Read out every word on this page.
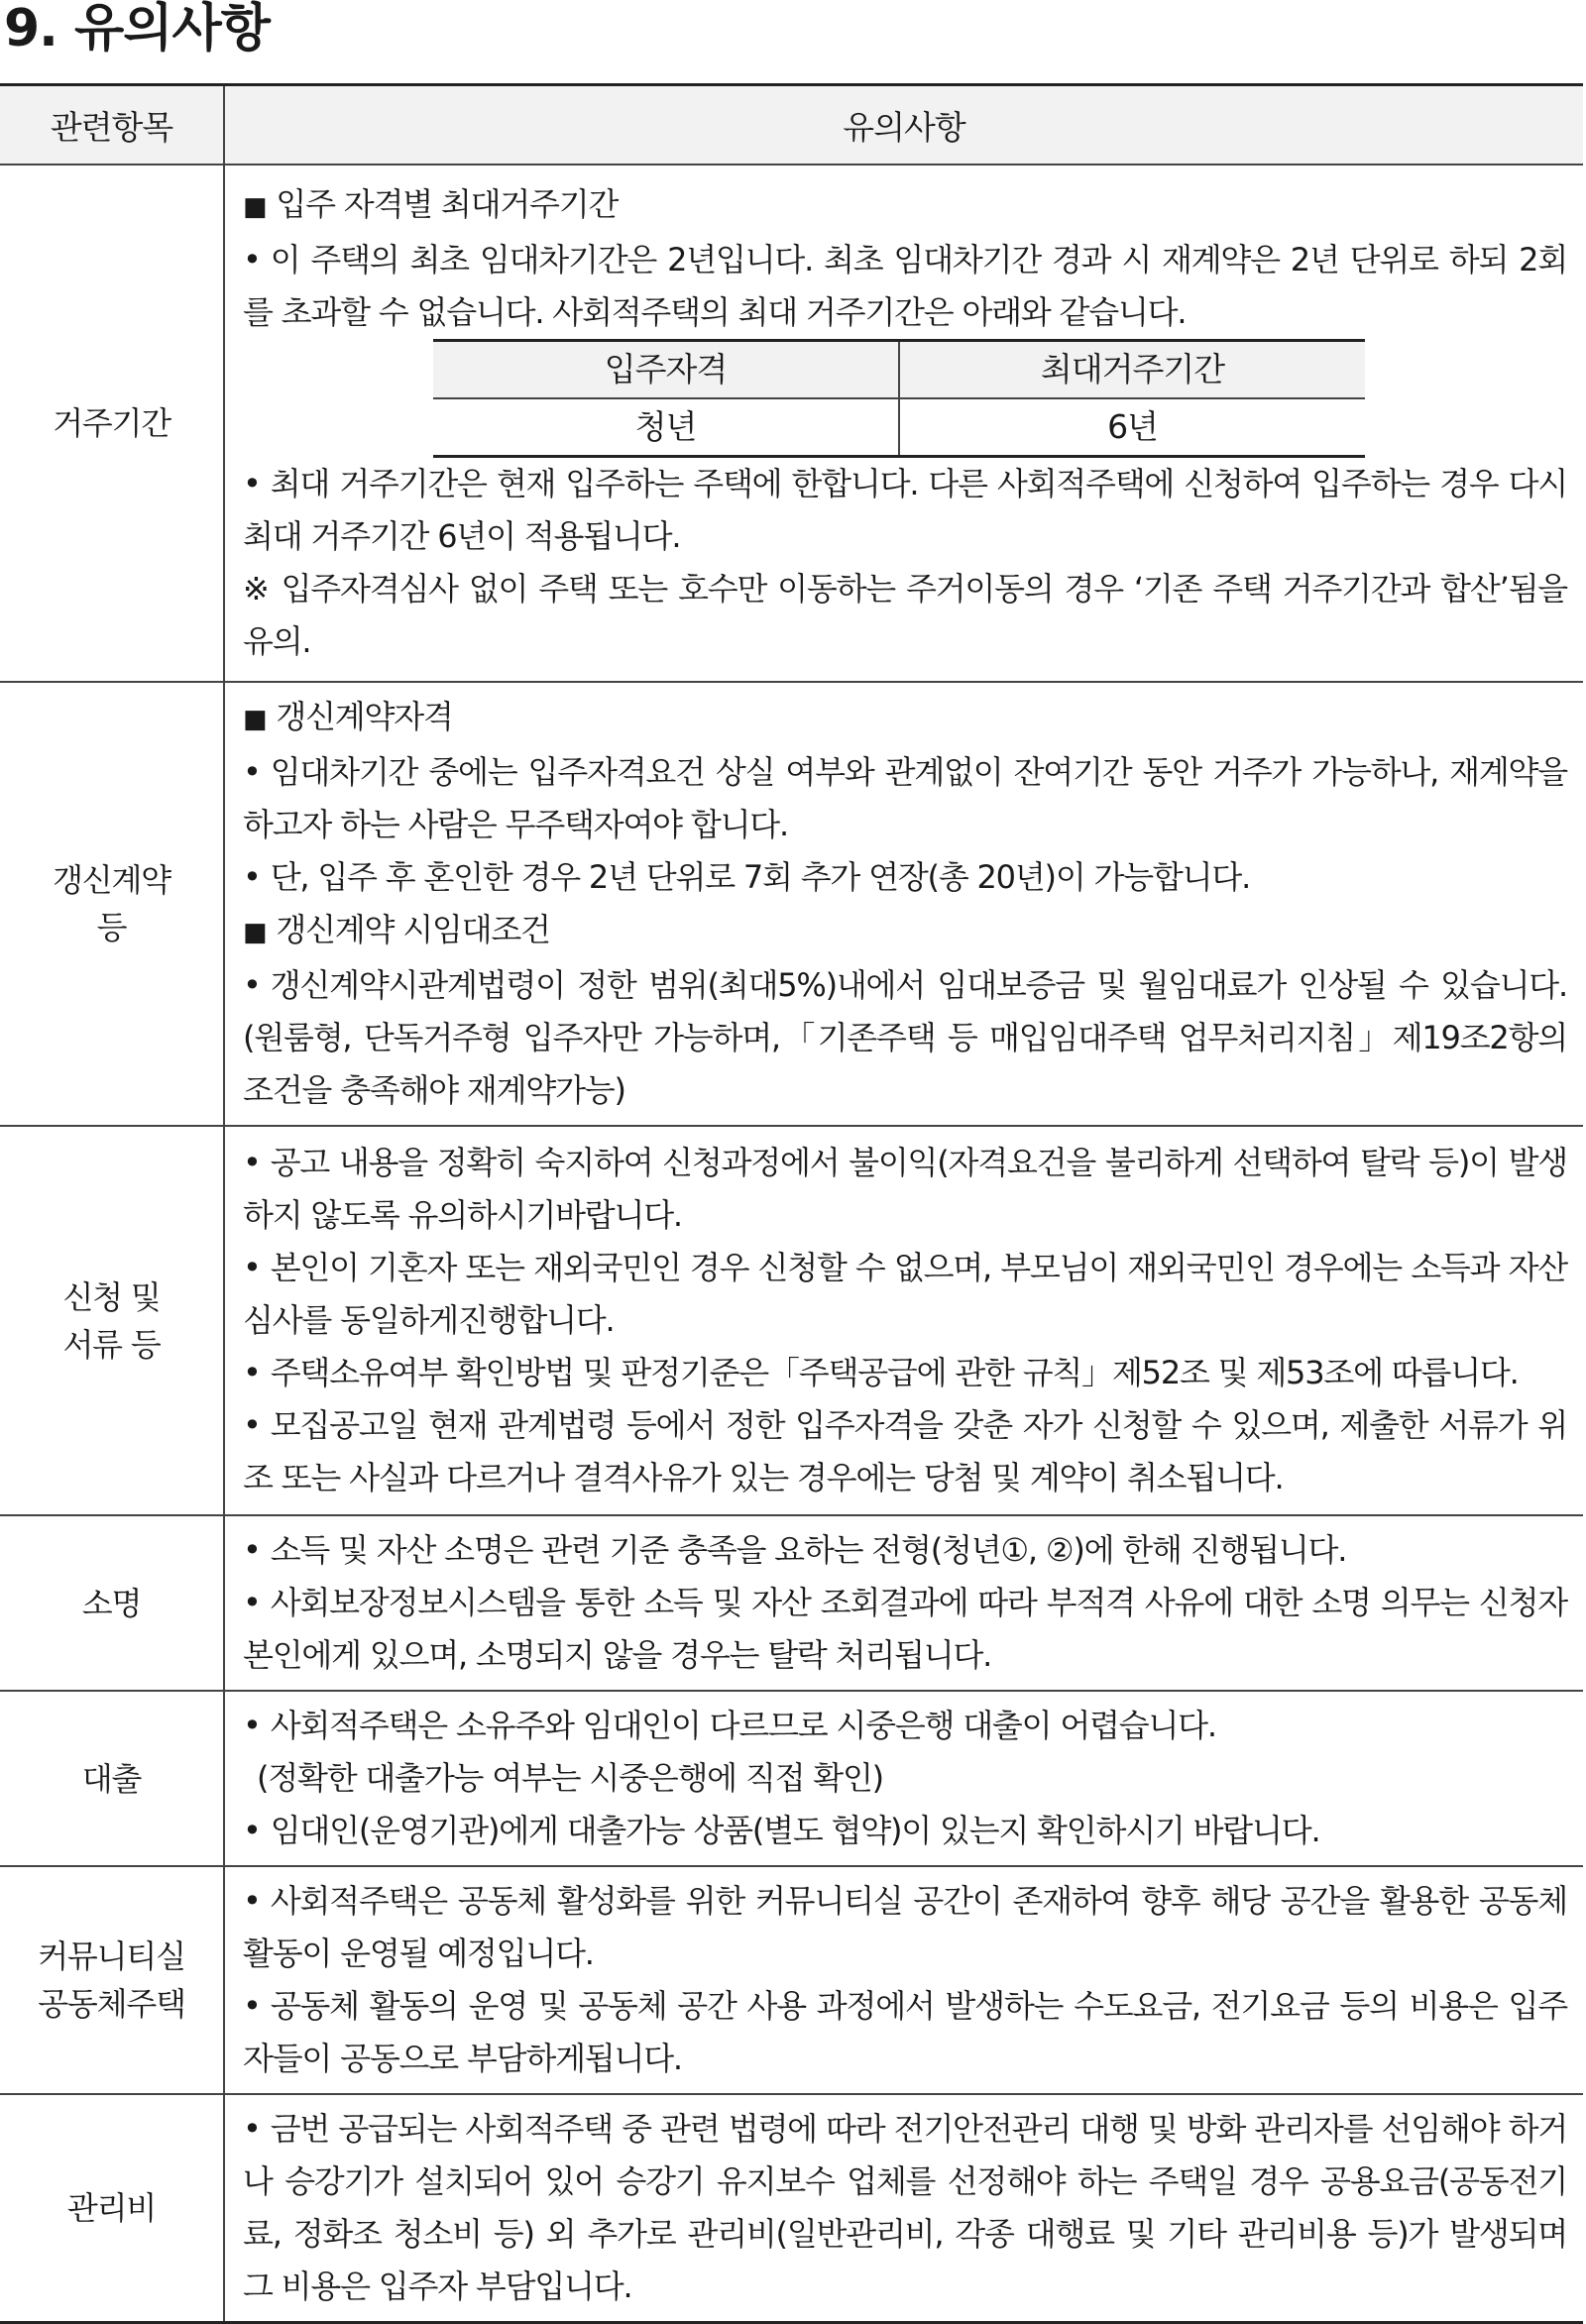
9. 유의사항
관련항목	유의사항

거주기간

■ 입주 자격별 최대거주기간
• 이 주택의 최초 임대차기간은 2년입니다. 최초 임대차기간 경과 시 재계약은 2년 단위로 하되 2회를 초과할 수 없습니다. 사회적주택의 최대 거주기간은 아래와 같습니다.
입주자격	최대거주기간
청년	6년
• 최대 거주기간은 현재 입주하는 주택에 한합니다. 다른 사회적주택에 신청하여 입주하는 경우 다시 최대 거주기간 6년이 적용됩니다.
※ 입주자격심사 없이 주택 또는 호수만 이동하는 주거이동의 경우 ‘기존 주택 거주기간과 합산’됨을 유의.

갱신계약
등

■ 갱신계약자격
• 임대차기간 중에는 입주자격요건 상실 여부와 관계없이 잔여기간 동안 거주가 가능하나, 재계약을 하고자 하는 사람은 무주택자여야 합니다.
• 단, 입주 후 혼인한 경우 2년 단위로 7회 추가 연장(총 20년)이 가능합니다.
■ 갱신계약 시임대조건
• 갱신계약시관계법령이 정한 범위(최대5%)내에서 임대보증금 및 월임대료가 인상될 수 있습니다. (원룸형, 단독거주형 입주자만 가능하며,「기존주택 등 매입임대주택 업무처리지침」제19조2항의 조건을 충족해야 재계약가능)

신청 및
서류 등

• 공고 내용을 정확히 숙지하여 신청과정에서 불이익(자격요건을 불리하게 선택하여 탈락 등)이 발생하지 않도록 유의하시기바랍니다.
• 본인이 기혼자 또는 재외국민인 경우 신청할 수 없으며, 부모님이 재외국민인 경우에는 소득과 자산 심사를 동일하게진행합니다.
• 주택소유여부 확인방법 및 판정기준은「주택공급에 관한 규칙」제52조 및 제53조에 따릅니다.
• 모집공고일 현재 관계법령 등에서 정한 입주자격을 갖춘 자가 신청할 수 있으며, 제출한 서류가 위조 또는 사실과 다르거나 결격사유가 있는 경우에는 당첨 및 계약이 취소됩니다.

소명

• 소득 및 자산 소명은 관련 기준 충족을 요하는 전형(청년①, ②)에 한해 진행됩니다.
• 사회보장정보시스템을 통한 소득 및 자산 조회결과에 따라 부적격 사유에 대한 소명 의무는 신청자 본인에게 있으며, 소명되지 않을 경우는 탈락 처리됩니다.

대출

• 사회적주택은 소유주와 임대인이 다르므로 시중은행 대출이 어렵습니다.
(정확한 대출가능 여부는 시중은행에 직접 확인)
• 임대인(운영기관)에게 대출가능 상품(별도 협약)이 있는지 확인하시기 바랍니다.

커뮤니티실
공동체주택

• 사회적주택은 공동체 활성화를 위한 커뮤니티실 공간이 존재하여 향후 해당 공간을 활용한 공동체 활동이 운영될 예정입니다.
• 공동체 활동의 운영 및 공동체 공간 사용 과정에서 발생하는 수도요금, 전기요금 등의 비용은 입주자들이 공동으로 부담하게됩니다.

관리비

• 금번 공급되는 사회적주택 중 관련 법령에 따라 전기안전관리 대행 및 방화 관리자를 선임해야 하거나 승강기가 설치되어 있어 승강기 유지보수 업체를 선정해야 하는 주택일 경우 공용요금(공동전기료, 정화조 청소비 등) 외 추가로 관리비(일반관리비, 각종 대행료 및 기타 관리비용 등)가 발생되며 그 비용은 입주자 부담입니다.
